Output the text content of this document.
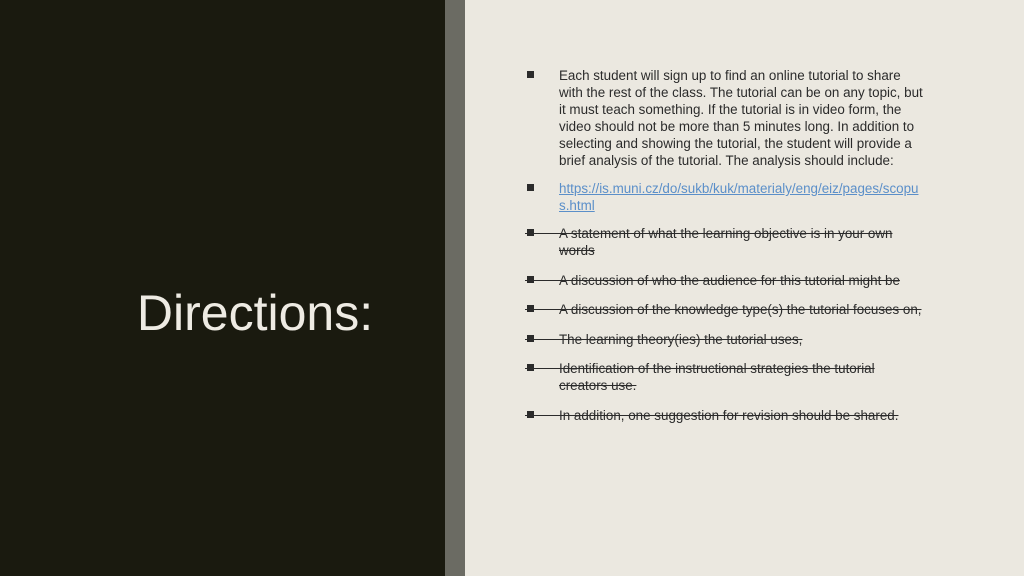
Directions:
Each student will sign up to find an online tutorial to share with the rest of the class. The tutorial can be on any topic, but it must teach something. If the tutorial is in video form, the video should not be more than 5 minutes long. In addition to selecting and showing the tutorial, the student will provide a brief analysis of the tutorial. The analysis should include:
https://is.muni.cz/do/sukb/kuk/materialy/eng/eiz/pages/scopus.html
A statement of what the learning objective is in your own words
A discussion of who the audience for this tutorial might be
A discussion of the knowledge type(s) the tutorial focuses on,
The learning theory(ies) the tutorial uses,
Identification of the instructional strategies the tutorial creators use.
In addition, one suggestion for revision should be shared.
